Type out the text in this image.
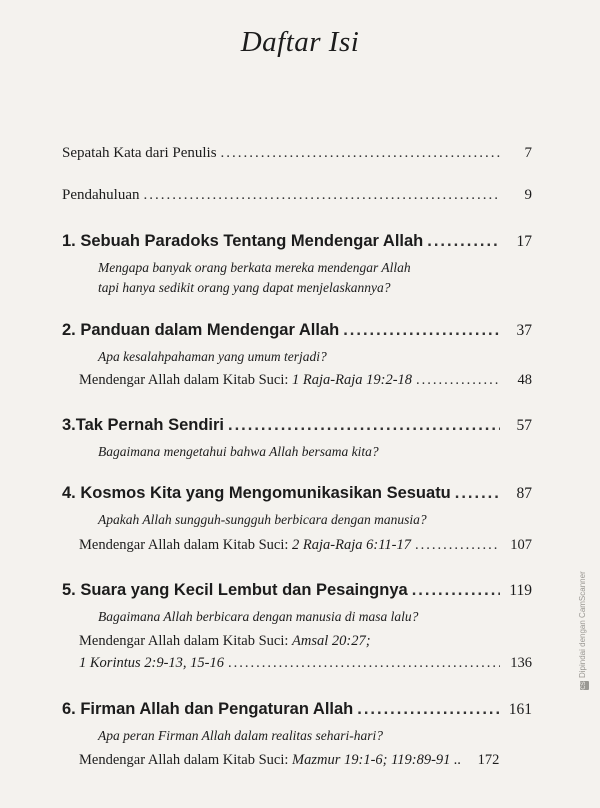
Daftar Isi
Sepatah Kata dari Penulis .....	7
Pendahuluan .....	9
1. Sebuah Paradoks Tentang Mendengar Allah .....	17
Mengapa banyak orang berkata mereka mendengar Allah
tapi hanya sedikit orang yang dapat menjelaskannya?
2. Panduan dalam Mendengar Allah .....	37
Apa kesalahpahaman yang umum terjadi?
Mendengar Allah dalam Kitab Suci: 1 Raja-Raja 19:2-18 .....	48
3.Tak Pernah Sendiri .....	57
Bagaimana mengetahui bahwa Allah bersama kita?
4. Kosmos Kita yang Mengomunikasikan Sesuatu .....	87
Apakah Allah sungguh-sungguh berbicara dengan manusia?
Mendengar Allah dalam Kitab Suci: 2 Raja-Raja 6:11-17 .....	107
5. Suara yang Kecil Lembut dan Pesaingnya .....	119
Bagaimana Allah berbicara dengan manusia di masa lalu?
Mendengar Allah dalam Kitab Suci: Amsal 20:27;
1 Korintus 2:9-13, 15-16 .....	136
6. Firman Allah dan Pengaturan Allah .....	161
Apa peran Firman Allah dalam realitas sehari-hari?
Mendengar Allah dalam Kitab Suci: Mazmur 19:1-6; 119:89-91 ..	172
CSDipindai dengan CamScanner
